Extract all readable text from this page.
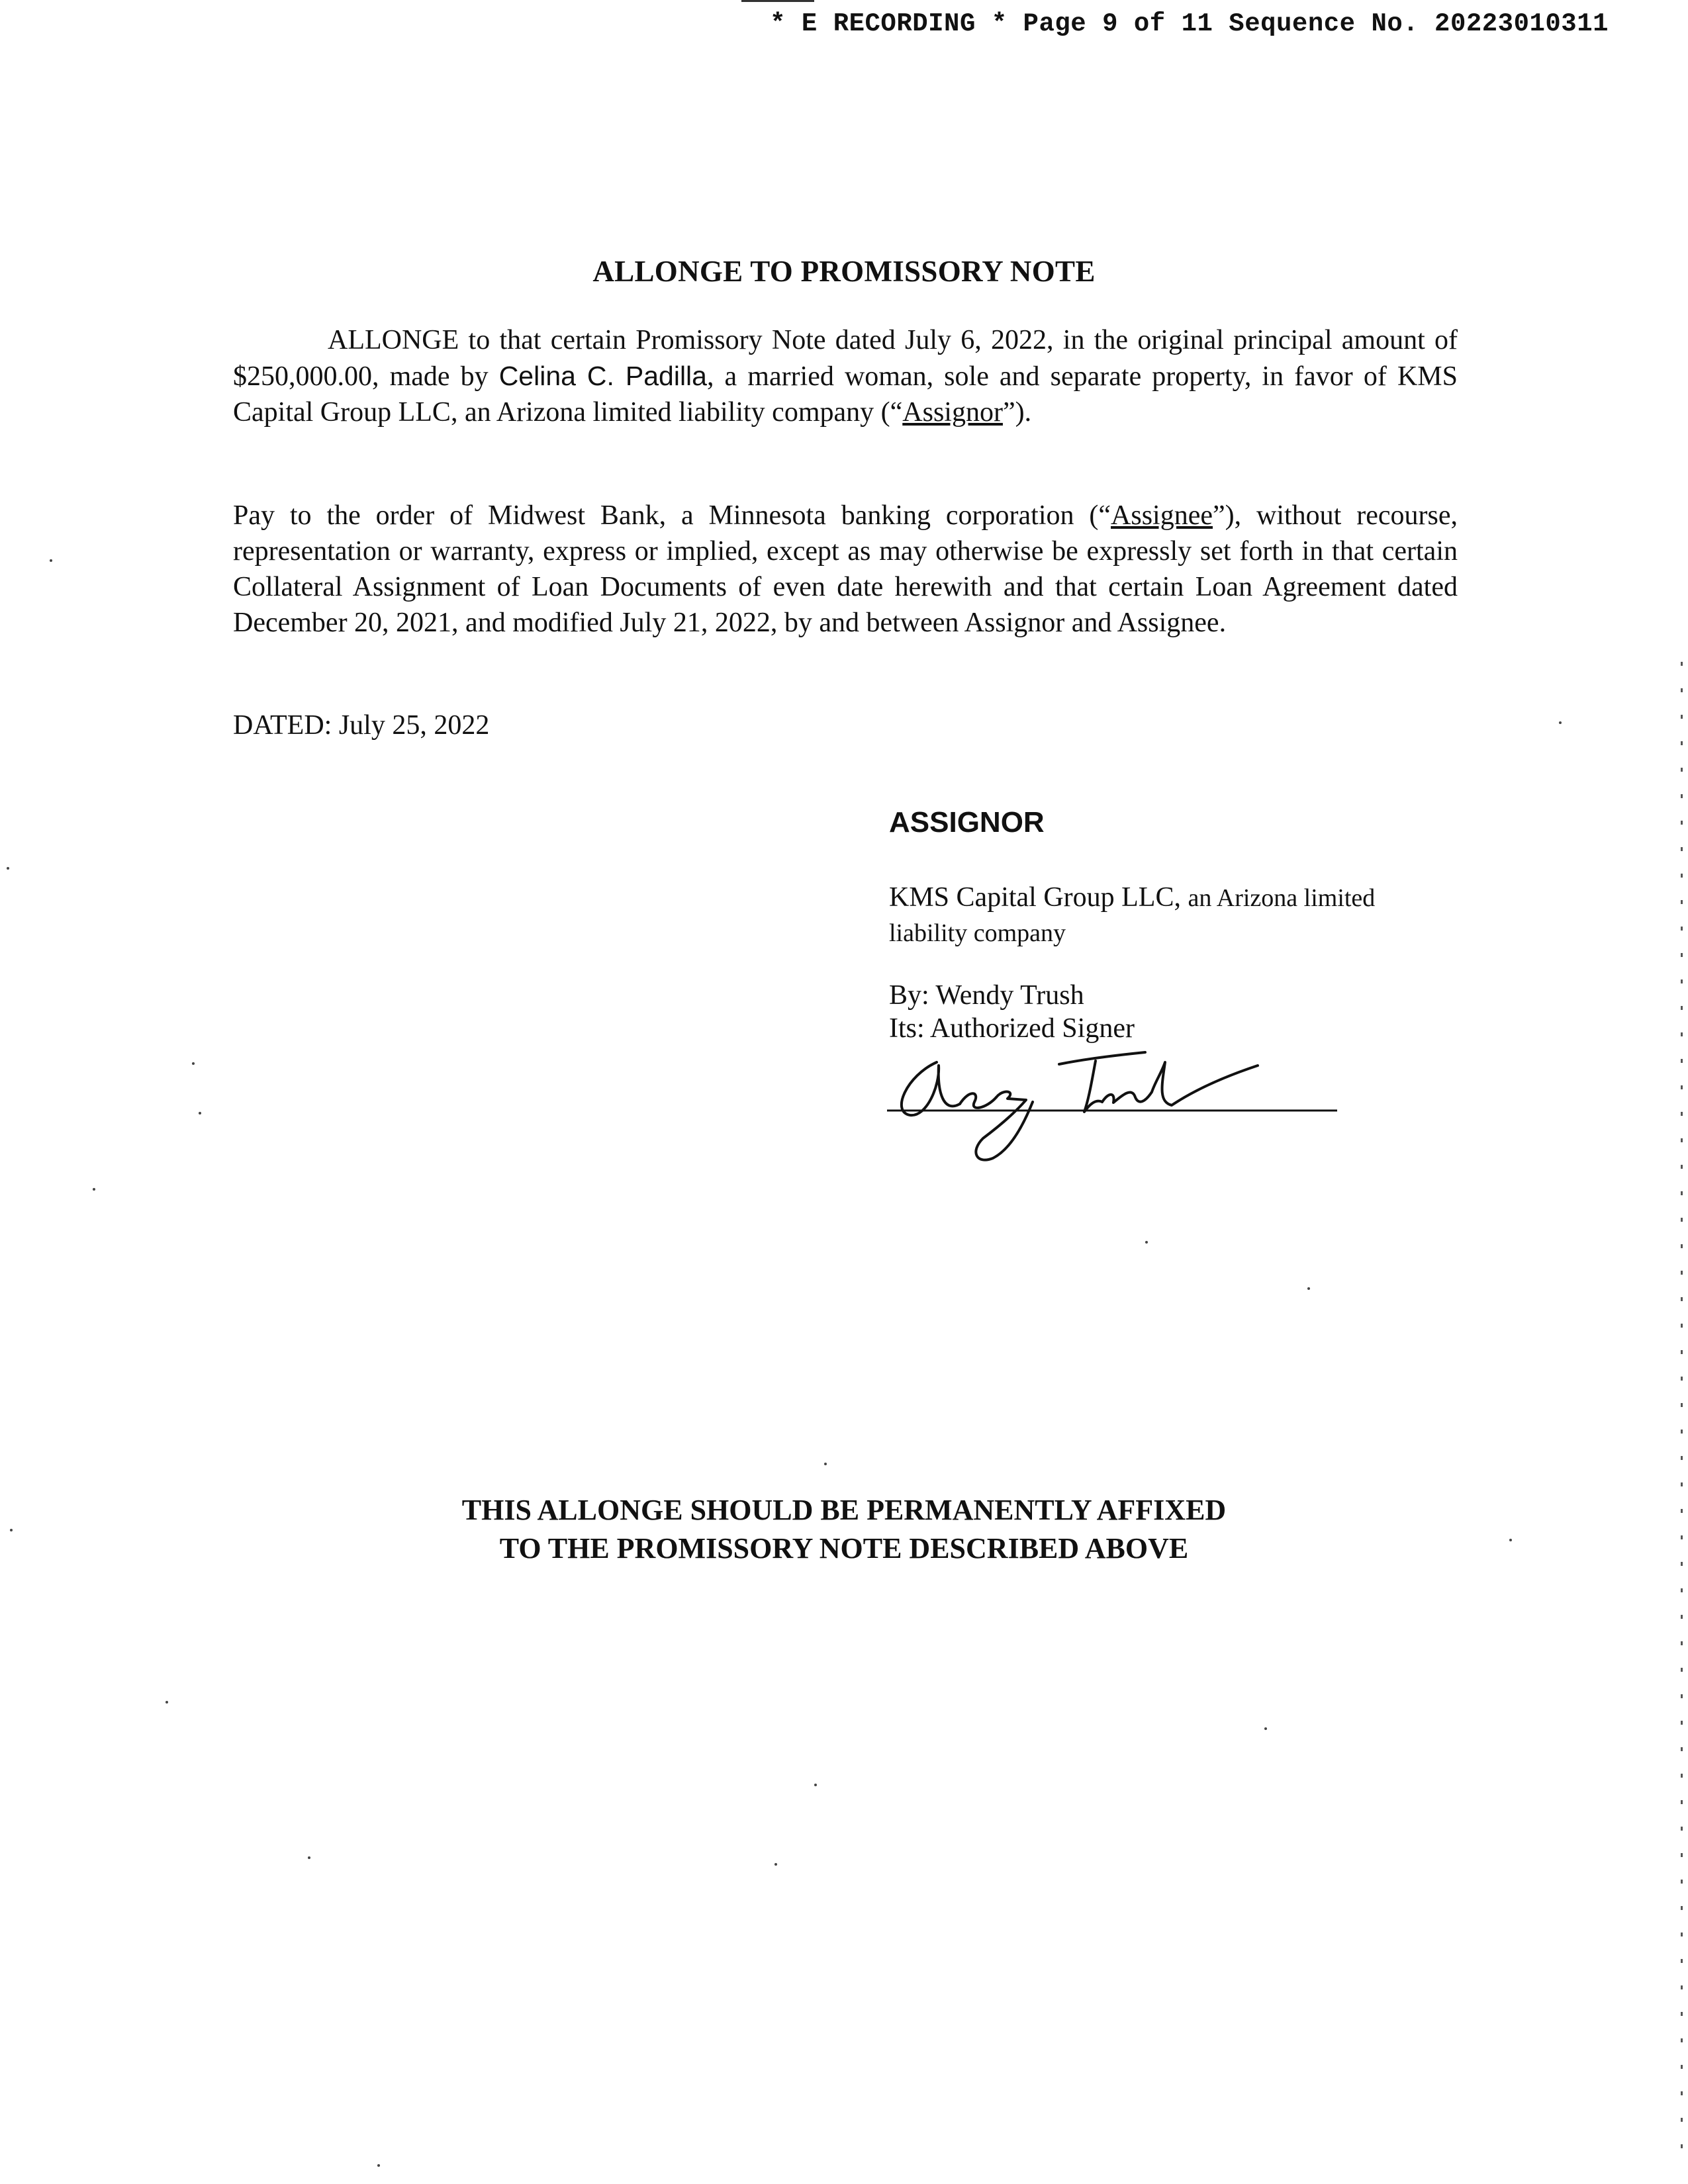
* E RECORDING * Page 9 of 11 Sequence No. 20223010311
ALLONGE TO PROMISSORY NOTE
ALLONGE to that certain Promissory Note dated July 6, 2022, in the original principal amount of $250,000.00, made by Celina C. Padilla, a married woman, sole and separate property, in favor of KMS Capital Group LLC, an Arizona limited liability company (“Assignor”).
Pay to the order of Midwest Bank, a Minnesota banking corporation (“Assignee”), without recourse, representation or warranty, express or implied, except as may otherwise be expressly set forth in that certain Collateral Assignment of Loan Documents of even date herewith and that certain Loan Agreement dated December 20, 2021, and modified July 21, 2022, by and between Assignor and Assignee.
DATED: July 25, 2022
ASSIGNOR
KMS Capital Group LLC, an Arizona limited liability company
By: Wendy Trush
Its: Authorized Signer
THIS ALLONGE SHOULD BE PERMANENTLY AFFIXED
TO THE PROMISSORY NOTE DESCRIBED ABOVE
